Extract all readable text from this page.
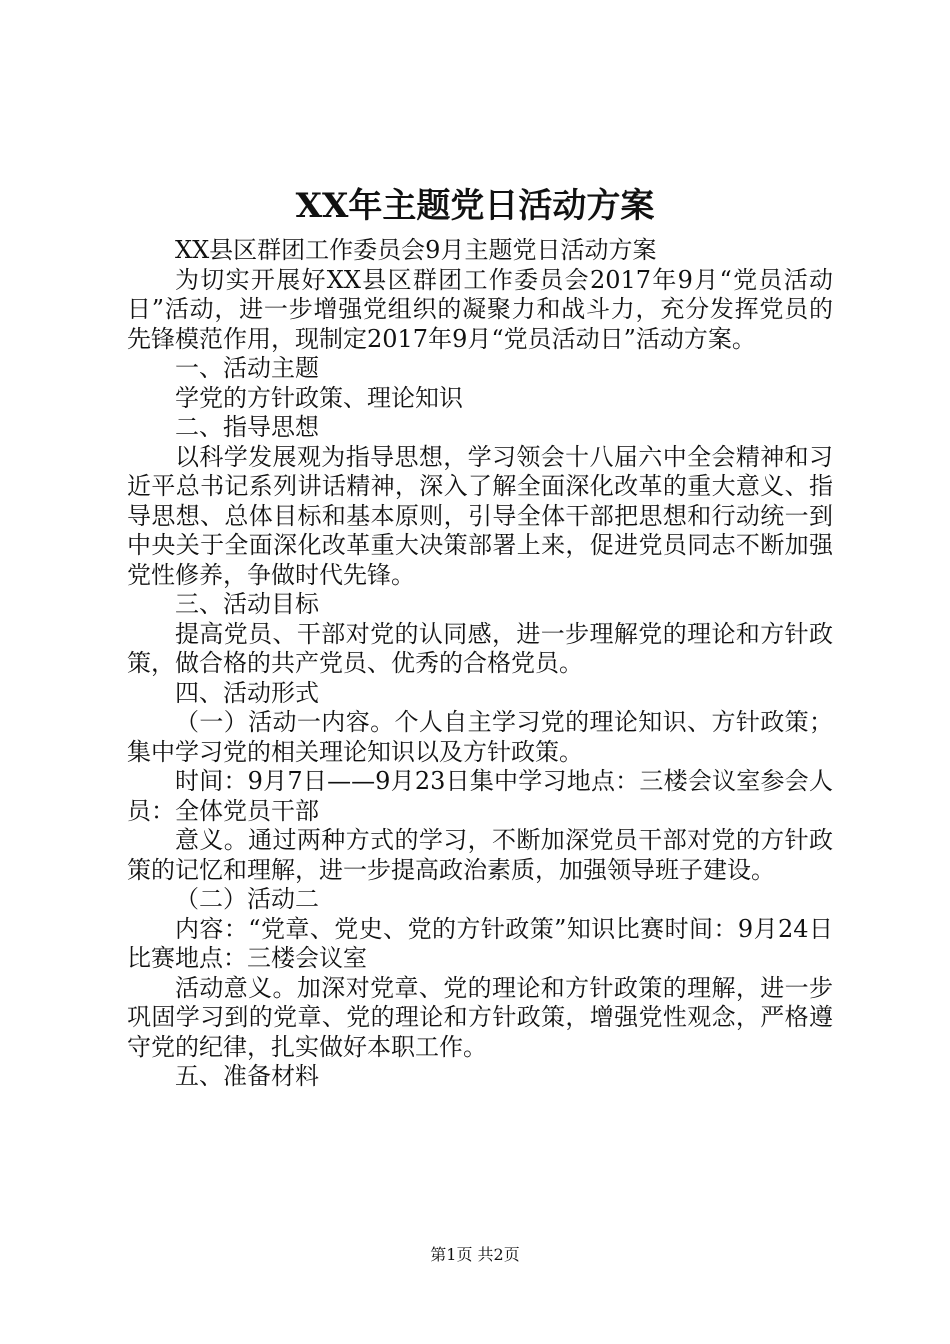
XX年主题党日活动方案

XX县区群团工作委员会9月主题党日活动方案

为切实开展好XX县区群团工作委员会2017年9月“党员活动日”活动，进一步增强党组织的凝聚力和战斗力，充分发挥党员的先锋模范作用，现制定2017年9月“党员活动日”活动方案。

一、活动主题

学党的方针政策、理论知识

二、指导思想

以科学发展观为指导思想，学习领会十八届六中全会精神和习近平总书记系列讲话精神，深入了解全面深化改革的重大意义、指导思想、总体目标和基本原则，引导全体干部把思想和行动统一到中央关于全面深化改革重大决策部署上来，促进党员同志不断加强党性修养，争做时代先锋。

三、活动目标

提高党员、干部对党的认同感，进一步理解党的理论和方针政策，做合格的共产党员、优秀的合格党员。

四、活动形式

（一）活动一内容。个人自主学习党的理论知识、方针政策；集中学习党的相关理论知识以及方针政策。

时间：9月7日——9月23日集中学习地点：三楼会议室参会人员：全体党员干部

意义。通过两种方式的学习，不断加深党员干部对党的方针政策的记忆和理解，进一步提高政治素质，加强领导班子建设。

（二）活动二

内容：“党章、党史、党的方针政策”知识比赛时间：9月24日比赛地点：三楼会议室

活动意义。加深对党章、党的理论和方针政策的理解，进一步巩固学习到的党章、党的理论和方针政策，增强党性观念，严格遵守党的纪律，扎实做好本职工作。

五、准备材料

第1页 共2页
